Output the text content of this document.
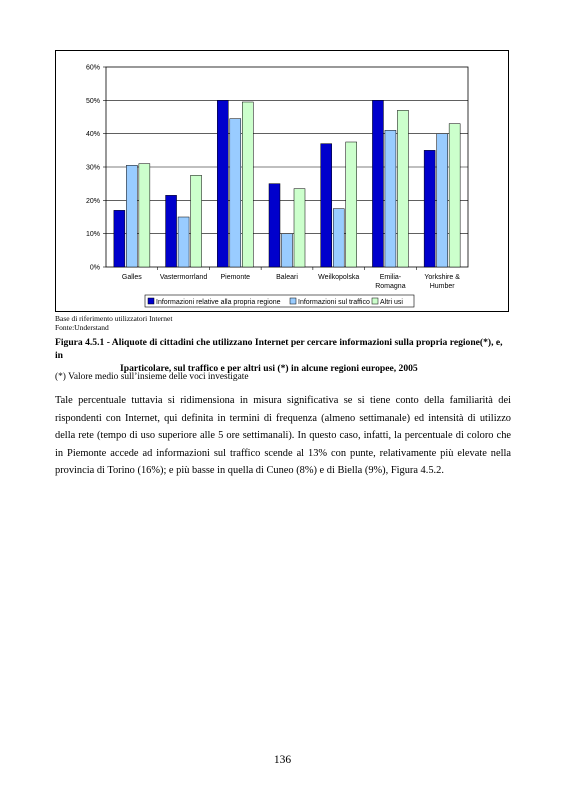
0%
10%
20%
30%
40%
50%
60%
Galles	Vastermorrland Piemonte	Baleari	Weilkopolska	Emilia-
Romagna
Yorkshire &
Humber
Informazioni relative alla propria regione Informazioni sul traffico Altri usi
Base di riferimento utilizzatori Internet
Fonte:Understand
Figura 4.5.1 - Aliquote di cittadini che utilizzano Internet per cercare informazioni sulla propria regione(*), e, in
Iparticolare, sul traffico e per altri usi (*) in alcune regioni europee, 2005
(*) Valore medio sull’insieme delle voci investigate
Tale percentuale tuttavia si ridimensiona in misura significativa se si tiene conto della familiarità dei rispondenti con Internet, qui definita in termini di frequenza (almeno settimanale) ed intensità di utilizzo della rete (tempo di uso superiore alle 5 ore settimanali). In questo caso, infatti, la percentuale di coloro che in Piemonte accede ad informazioni sul traffico scende al 13% con punte, relativamente più elevate nella provincia di Torino (16%); e più basse in quella di Cuneo (8%) e di Biella (9%), Figura 4.5.2.
136
